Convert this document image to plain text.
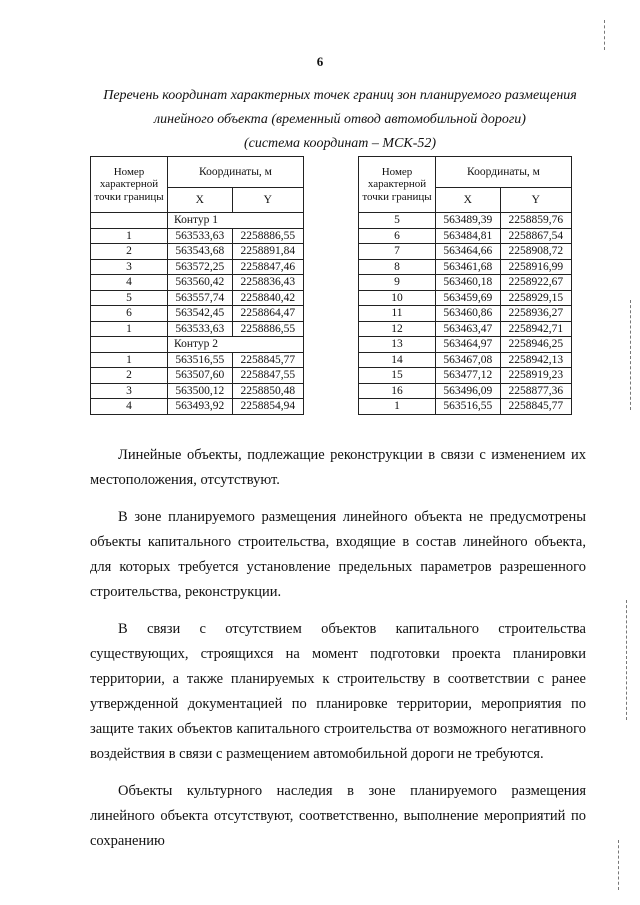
6
Перечень координат характерных точек границ зон планируемого размещения
линейного объекта (временный отвод автомобильной дороги)
(система координат – МСК-52)
Номер характерной точки границы	Координаты, м	
	X	Y
	Контур 1	
1	563533,63	2258886,55
2	563543,68	2258891,84
3	563572,25	2258847,46
4	563560,42	2258836,43
5	563557,74	2258840,42
6	563542,45	2258864,47
1	563533,63	2258886,55
	Контур 2	
1	563516,55	2258845,77
2	563507,60	2258847,55
3	563500,12	2258850,48
4	563493,92	2258854,94
Номер характерной точки границы	Координаты, м	
	X	Y
5	563489,39	2258859,76
6	563484,81	2258867,54
7	563464,66	2258908,72
8	563461,68	2258916,99
9	563460,18	2258922,67
10	563459,69	2258929,15
11	563460,86	2258936,27
12	563463,47	2258942,71
13	563464,97	2258946,25
14	563467,08	2258942,13
15	563477,12	2258919,23
16	563496,09	2258877,36
1	563516,55	2258845,77

Линейные объекты, подлежащие реконструкции в связи с изменением их местоположения, отсутствуют.

В зоне планируемого размещения линейного объекта не предусмотрены объекты капитального строительства, входящие в состав линейного объекта, для которых требуется установление предельных параметров разрешенного строительства, реконструкции.

В связи с отсутствием объектов капитального строительства существующих, строящихся на момент подготовки проекта планировки территории, а также планируемых к строительству в соответствии с ранее утвержденной документацией по планировке территории, мероприятия по защите таких объектов капитального строительства от возможного негативного воздействия в связи с размещением автомобильной дороги не требуются.

Объекты культурного наследия в зоне планируемого размещения линейного объекта отсутствуют, соответственно, выполнение мероприятий по сохранению
